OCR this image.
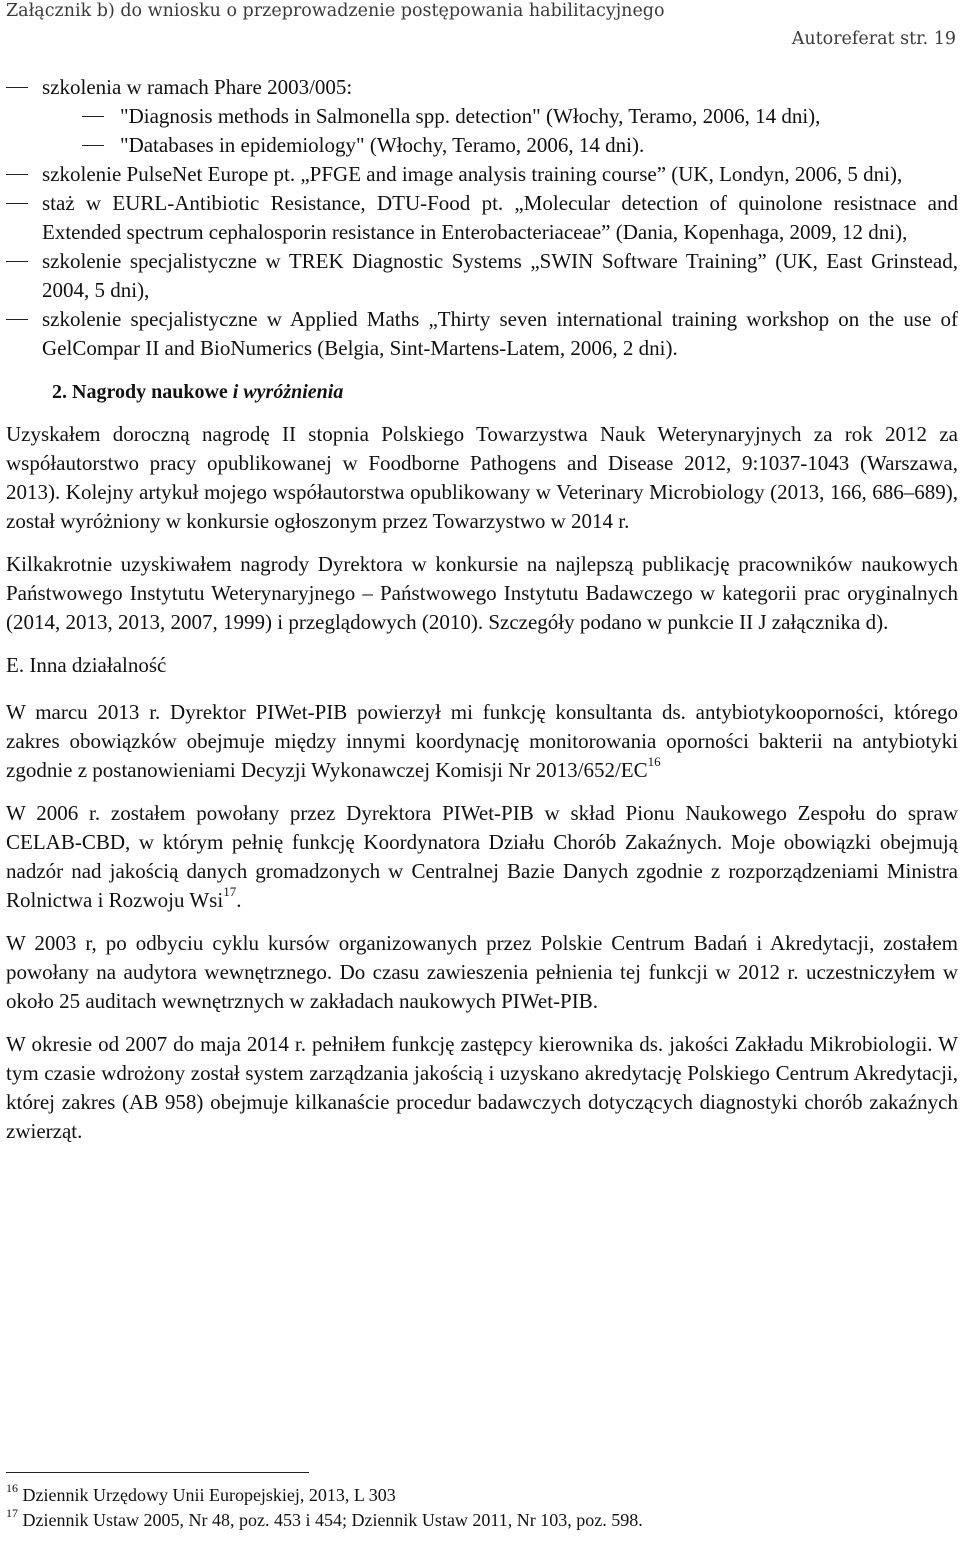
Załącznik b) do wniosku o przeprowadzenie postępowania habilitacyjnego
Autoreferat str. 19
szkolenia w ramach Phare 2003/005:
"Diagnosis methods in Salmonella spp. detection" (Włochy, Teramo, 2006, 14 dni),
"Databases in epidemiology" (Włochy, Teramo, 2006, 14 dni).
szkolenie PulseNet Europe pt. „PFGE and image analysis training course” (UK, Londyn, 2006, 5 dni),
staż w EURL-Antibiotic Resistance, DTU-Food pt. „Molecular detection of quinolone resistnace and Extended spectrum cephalosporin resistance in Enterobacteriaceae” (Dania, Kopenhaga, 2009, 12 dni),
szkolenie specjalistyczne w TREK Diagnostic Systems „SWIN Software Training” (UK, East Grinstead, 2004, 5 dni),
szkolenie specjalistyczne w Applied Maths „Thirty seven international training workshop on the use of GelCompar II and BioNumerics (Belgia, Sint-Martens-Latem, 2006, 2 dni).
2. Nagrody naukowe i wyróżnienia

Uzyskałem doroczną nagrodę II stopnia Polskiego Towarzystwa Nauk Weterynaryjnych za rok 2012 za współautorstwo pracy opublikowanej w Foodborne Pathogens and Disease 2012, 9:1037-1043 (Warszawa, 2013). Kolejny artykuł mojego współautorstwa opublikowany w Veterinary Microbiology (2013, 166, 686–689), został wyróżniony w konkursie ogłoszonym przez Towarzystwo w 2014 r.

Kilkakrotnie uzyskiwałem nagrody Dyrektora w konkursie na najlepszą publikację pracowników naukowych Państwowego Instytutu Weterynaryjnego – Państwowego Instytutu Badawczego w kategorii prac oryginalnych (2014, 2013, 2013, 2007, 1999) i przeglądowych (2010). Szczegóły podano w punkcie II J załącznika d).

E. Inna działalność

W marcu 2013 r. Dyrektor PIWet-PIB powierzył mi funkcję konsultanta ds. antybiotykooporności, którego zakres obowiązków obejmuje między innymi koordynację monitorowania oporności bakterii na antybiotyki zgodnie z postanowieniami Decyzji Wykonawczej Komisji Nr 2013/652/EC$^{16}$

W 2006 r. zostałem powołany przez Dyrektora PIWet-PIB w skład Pionu Naukowego Zespołu do spraw CELAB-CBD, w którym pełnię funkcję Koordynatora Działu Chorób Zakaźnych. Moje obowiązki obejmują nadzór nad jakością danych gromadzonych w Centralnej Bazie Danych zgodnie z rozporządzeniami Ministra Rolnictwa i Rozwoju Wsi$^{17}$.

W 2003 r, po odbyciu cyklu kursów organizowanych przez Polskie Centrum Badań i Akredytacji, zostałem powołany na audytora wewnętrznego. Do czasu zawieszenia pełnienia tej funkcji w 2012 r. uczestniczyłem w około 25 auditach wewnętrznych w zakładach naukowych PIWet-PIB.

W okresie od 2007 do maja 2014 r. pełniłem funkcję zastępcy kierownika ds. jakości Zakładu Mikrobiologii. W tym czasie wdrożony został system zarządzania jakością i uzyskano akredytację Polskiego Centrum Akredytacji, której zakres (AB 958) obejmuje kilkanaście procedur badawczych dotyczących diagnostyki chorób zakaźnych zwierząt.

$^{16}$ Dziennik Urzędowy Unii Europejskiej, 2013, L 303
$^{17}$ Dziennik Ustaw 2005, Nr 48, poz. 453 i 454; Dziennik Ustaw 2011, Nr 103, poz. 598.
